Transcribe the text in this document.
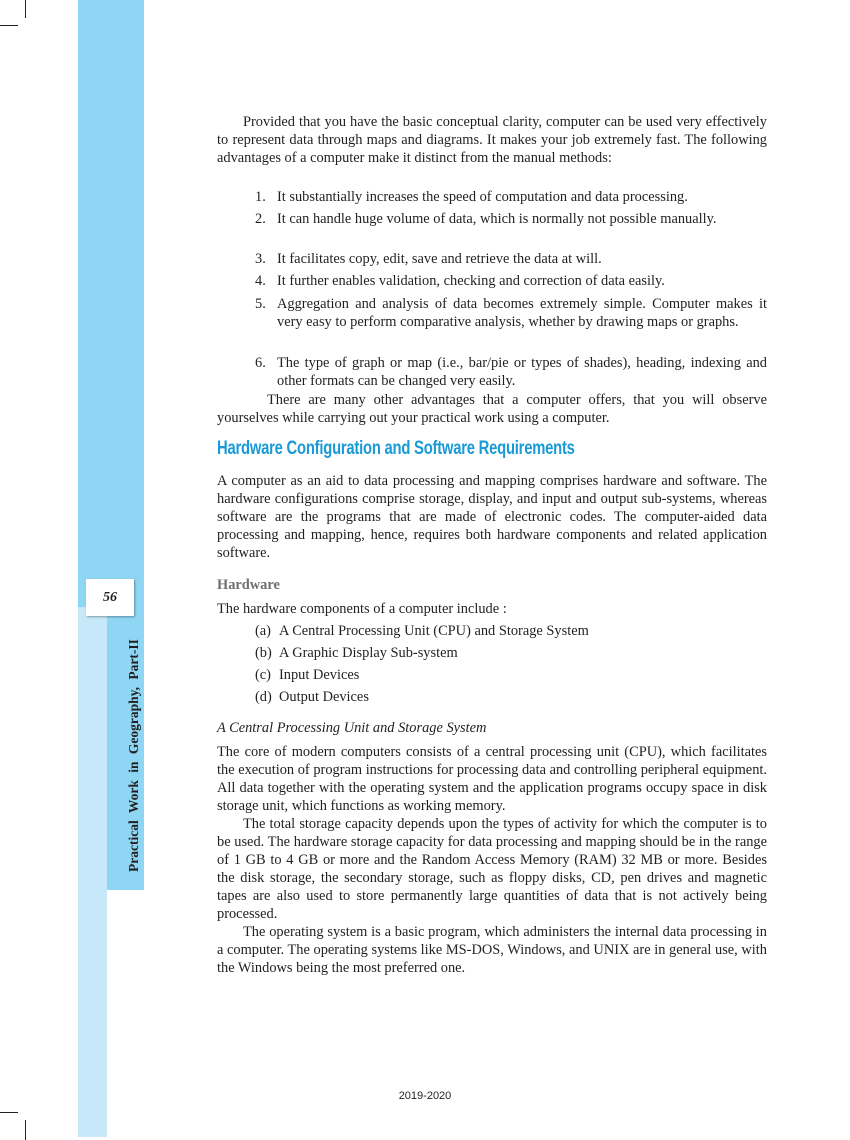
56
Practical Work in Geography, Part-II

Provided that you have the basic conceptual clarity, computer can be used very effectively to represent data through maps and diagrams. It makes your job extremely fast. The following advantages of a computer make it distinct from the manual methods:

1. It substantially increases the speed of computation and data processing.
2. It can handle huge volume of data, which is normally not possible manually.
3. It facilitates copy, edit, save and retrieve the data at will.
4. It further enables validation, checking and correction of data easily.
5. Aggregation and analysis of data becomes extremely simple. Computer makes it very easy to perform comparative analysis, whether by drawing maps or graphs.
6. The type of graph or map (i.e., bar/pie or types of shades), heading, indexing and other formats can be changed very easily.

There are many other advantages that a computer offers, that you will observe yourselves while carrying out your practical work using a computer.

Hardware Configuration and Software Requirements

A computer as an aid to data processing and mapping comprises hardware and software. The hardware configurations comprise storage, display, and input and output sub-systems, whereas software are the programs that are made of electronic codes. The computer-aided data processing and mapping, hence, requires both hardware components and related application software.

Hardware

The hardware components of a computer include :

(a) A Central Processing Unit (CPU) and Storage System
(b) A Graphic Display Sub-system
(c) Input Devices
(d) Output Devices
A Central Processing Unit and Storage System

The core of modern computers consists of a central processing unit (CPU), which facilitates the execution of program instructions for processing data and controlling peripheral equipment. All data together with the operating system and the application programs occupy space in disk storage unit, which functions as working memory.

The total storage capacity depends upon the types of activity for which the computer is to be used. The hardware storage capacity for data processing and mapping should be in the range of 1 GB to 4 GB or more and the Random Access Memory (RAM) 32 MB or more. Besides the disk storage, the secondary storage, such as floppy disks, CD, pen drives and magnetic tapes are also used to store permanently large quantities of data that is not actively being processed.

The operating system is a basic program, which administers the internal data processing in a computer. The operating systems like MS-DOS, Windows, and UNIX are in general use, with the Windows being the most preferred one.

2019-2020
